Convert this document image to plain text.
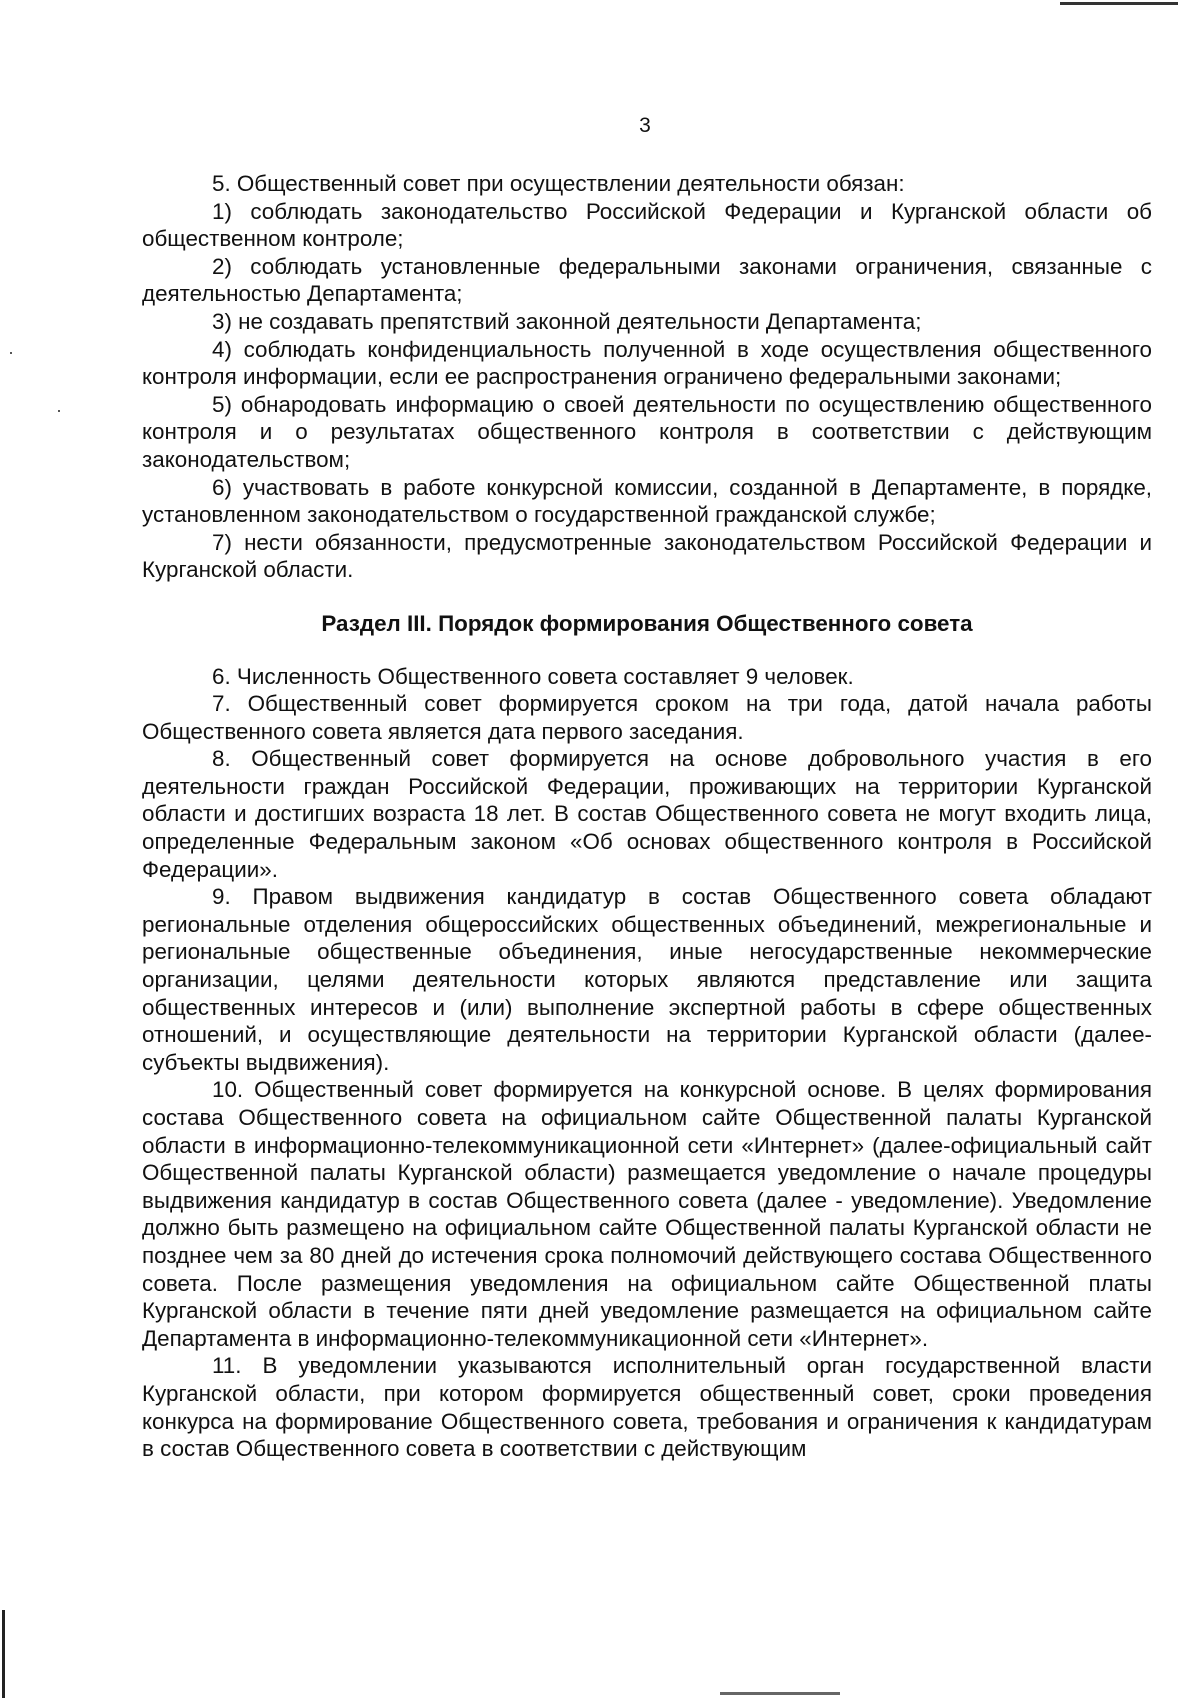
3

5. Общественный совет при осуществлении деятельности обязан:

1) соблюдать законодательство Российской Федерации и Курганской области об общественном контроле;

2) соблюдать установленные федеральными законами ограничения, связанные с деятельностью Департамента;

3) не создавать препятствий законной деятельности Департамента;

4) соблюдать конфиденциальность полученной в ходе осуществления общественного контроля информации, если ее распространения ограничено федеральными законами;

5) обнародовать информацию о своей деятельности по осуществлению общественного контроля и о результатах общественного контроля в соответствии с действующим законодательством;

6) участвовать в работе конкурсной комиссии, созданной в Департаменте, в порядке, установленном законодательством о государственной гражданской службе;

7) нести обязанности, предусмотренные законодательством Российской Федерации и Курганской области.

Раздел III. Порядок формирования Общественного совета

6. Численность Общественного совета составляет 9 человек.

7. Общественный совет формируется сроком на три года, датой начала работы Общественного совета является дата первого заседания.

8. Общественный совет формируется на основе добровольного участия в его деятельности граждан Российской Федерации, проживающих на территории Курганской области и достигших возраста 18 лет. В состав Общественного совета не могут входить лица, определенные Федеральным законом «Об основах общественного контроля в Российской Федерации».

9. Правом выдвижения кандидатур в состав Общественного совета обладают региональные отделения общероссийских общественных объединений, межрегиональные и региональные общественные объединения, иные негосударственные некоммерческие организации, целями деятельности которых являются представление или защита общественных интересов и (или) выполнение экспертной работы в сфере общественных отношений, и осуществляющие деятельности на территории Курганской области (далее-субъекты выдвижения).

10. Общественный совет формируется на конкурсной основе. В целях формирования состава Общественного совета на официальном сайте Общественной палаты Курганской области в информационно-телекоммуникационной сети «Интернет» (далее-официальный сайт Общественной палаты Курганской области) размещается уведомление о начале процедуры выдвижения кандидатур в состав Общественного совета (далее - уведомление). Уведомление должно быть размещено на официальном сайте Общественной палаты Курганской области не позднее чем за 80 дней до истечения срока полномочий действующего состава Общественного совета. После размещения уведомления на официальном сайте Общественной платы Курганской области в течение пяти дней уведомление размещается на официальном сайте Департамента в информационно-телекоммуникационной сети «Интернет».

11. В уведомлении указываются исполнительный орган государственной власти Курганской области, при котором формируется общественный совет, сроки проведения конкурса на формирование Общественного совета, требования и ограничения к кандидатурам в состав Общественного совета в соответствии с действующим
